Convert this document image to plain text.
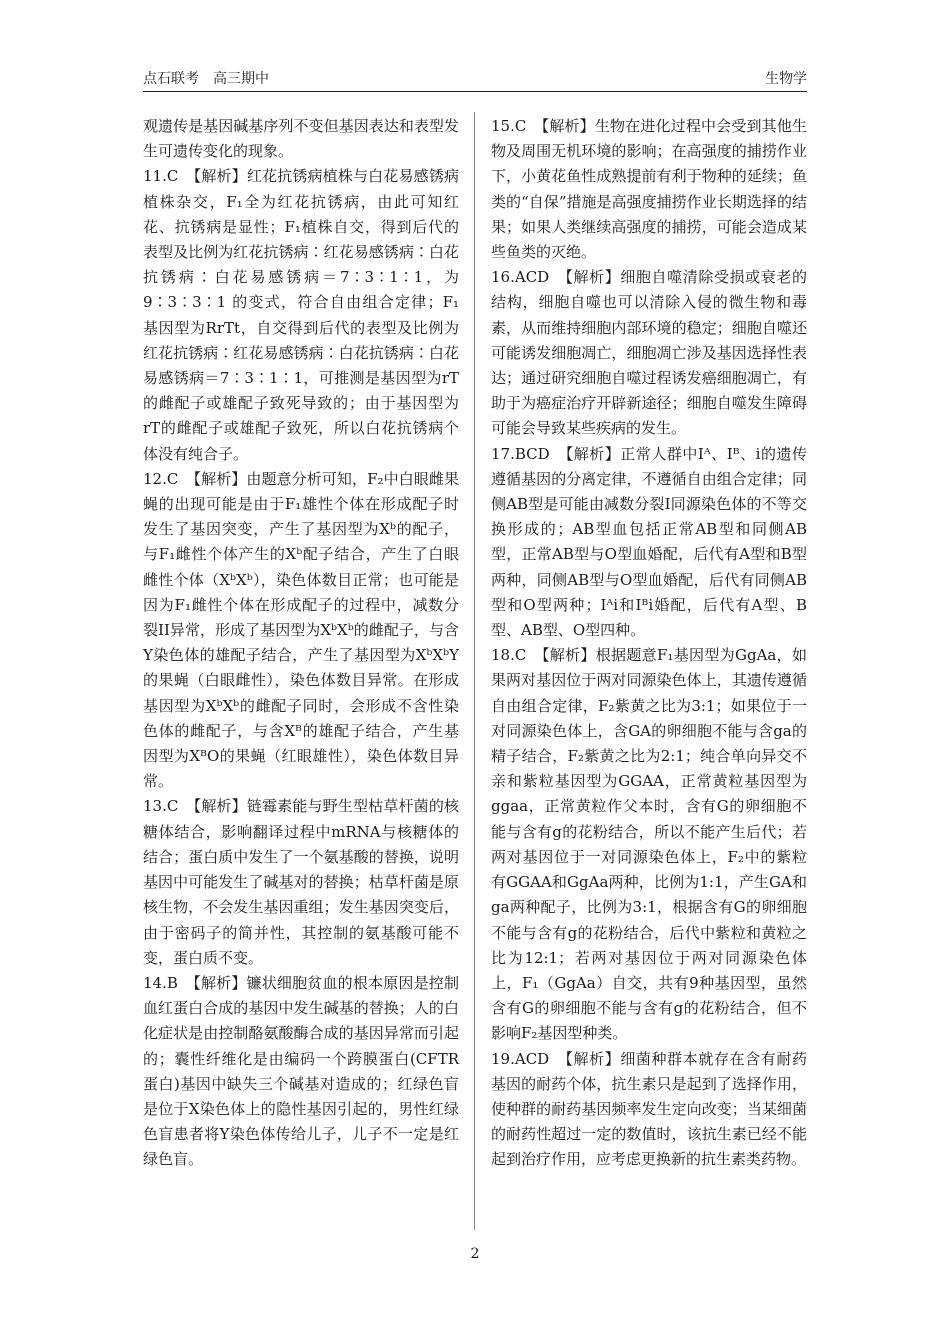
点石联考 高三期中	生物学

观遗传是基因碱基序列不变但基因表达和表型发生可遗传变化的现象。

11.C　【解析】红花抗锈病植株与白花易感锈病植株杂交，F₁全为红花抗锈病，由此可知红花、抗锈病是显性；F₁植株自交，得到后代的表型及比例为红花抗锈病∶红花易感锈病∶白花抗锈病∶白花易感锈病＝7∶3∶1∶1，为9∶3∶3∶1 的变式，符合自由组合定律；F₁ 基因型为RrTt，自交得到后代的表型及比例为红花抗锈病∶红花易感锈病∶白花抗锈病∶白花易感锈病＝7∶3∶1∶1，可推测是基因型为rT 的雌配子或雄配子致死导致的；由于基因型为rT的雌配子或雄配子致死，所以白花抗锈病个体没有纯合子。

12.C　【解析】由题意分析可知，F₂中白眼雌果蝇的出现可能是由于F₁雄性个体在形成配子时发生了基因突变，产生了基因型为Xᵇ的配子，与F₁雌性个体产生的Xᵇ配子结合，产生了白眼雌性个体（XᵇXᵇ），染色体数目正常；也可能是因为F₁雌性个体在形成配子的过程中，减数分裂II异常，形成了基因型为XᵇXᵇ的雌配子，与含Y染色体的雄配子结合，产生了基因型为XᵇXᵇY的果蝇（白眼雌性），染色体数目异常。在形成基因型为XᵇXᵇ的雌配子同时，会形成不含性染色体的雌配子，与含Xᴮ的雄配子结合，产生基因型为XᴮO的果蝇（红眼雄性），染色体数目异常。

13.C　【解析】链霉素能与野生型枯草杆菌的核糖体结合，影响翻译过程中mRNA与核糖体的结合；蛋白质中发生了一个氨基酸的替换，说明基因中可能发生了碱基对的替换；枯草杆菌是原核生物，不会发生基因重组；发生基因突变后，由于密码子的简并性，其控制的氨基酸可能不变，蛋白质不变。

14.B　【解析】镰状细胞贫血的根本原因是控制血红蛋白合成的基因中发生碱基的替换；人的白化症状是由控制酪氨酸酶合成的基因异常而引起的；囊性纤维化是由编码一个跨膜蛋白(CFTR蛋白)基因中缺失三个碱基对造成的；红绿色盲是位于X染色体上的隐性基因引起的，男性红绿色盲患者将Y染色体传给儿子，儿子不一定是红绿色盲。

15.C　【解析】生物在进化过程中会受到其他生物及周围无机环境的影响；在高强度的捕捞作业下，小黄花鱼性成熟提前有利于物种的延续；鱼类的“自保”措施是高强度捕捞作业长期选择的结果；如果人类继续高强度的捕捞，可能会造成某些鱼类的灭绝。

16.ACD　【解析】细胞自噬清除受损或衰老的结构，细胞自噬也可以清除入侵的微生物和毒素，从而维持细胞内部环境的稳定；细胞自噬还可能诱发细胞凋亡，细胞凋亡涉及基因选择性表达；通过研究细胞自噬过程诱发癌细胞凋亡，有助于为癌症治疗开辟新途径；细胞自噬发生障碍可能会导致某些疾病的发生。

17.BCD　【解析】正常人群中Iᴬ、Iᴮ、i的遗传遵循基因的分离定律，不遵循自由组合定律；同侧AB型是可能由减数分裂I同源染色体的不等交换形成的；AB型血包括正常AB型和同侧AB型，正常AB型与O型血婚配，后代有A型和B型两种，同侧AB型与O型血婚配，后代有同侧AB型和O型两种；Iᴬi和Iᴮi婚配，后代有A型、B型、AB型、O型四种。

18.C　【解析】根据题意F₁基因型为GgAa，如果两对基因位于两对同源染色体上，其遗传遵循自由组合定律，F₂紫黄之比为3:1；如果位于一对同源染色体上，含GA的卵细胞不能与含ga的精子结合，F₂紫黄之比为2:1；纯合单向异交不亲和紫粒基因型为GGAA，正常黄粒基因型为ggaa，正常黄粒作父本时，含有G的卵细胞不能与含有g的花粉结合，所以不能产生后代；若两对基因位于一对同源染色体上，F₂中的紫粒有GGAA和GgAa两种，比例为1:1，产生GA和ga两种配子，比例为3:1，根据含有G的卵细胞不能与含有g的花粉结合，后代中紫粒和黄粒之比为12:1；若两对基因位于两对同源染色体上，F₁（GgAa）自交，共有9种基因型，虽然含有G的卵细胞不能与含有g的花粉结合，但不影响F₂基因型种类。

19.ACD　【解析】细菌种群本就存在含有耐药基因的耐药个体，抗生素只是起到了选择作用，使种群的耐药基因频率发生定向改变；当某细菌的耐药性超过一定的数值时，该抗生素已经不能起到治疗作用，应考虑更换新的抗生素类药物。

2
